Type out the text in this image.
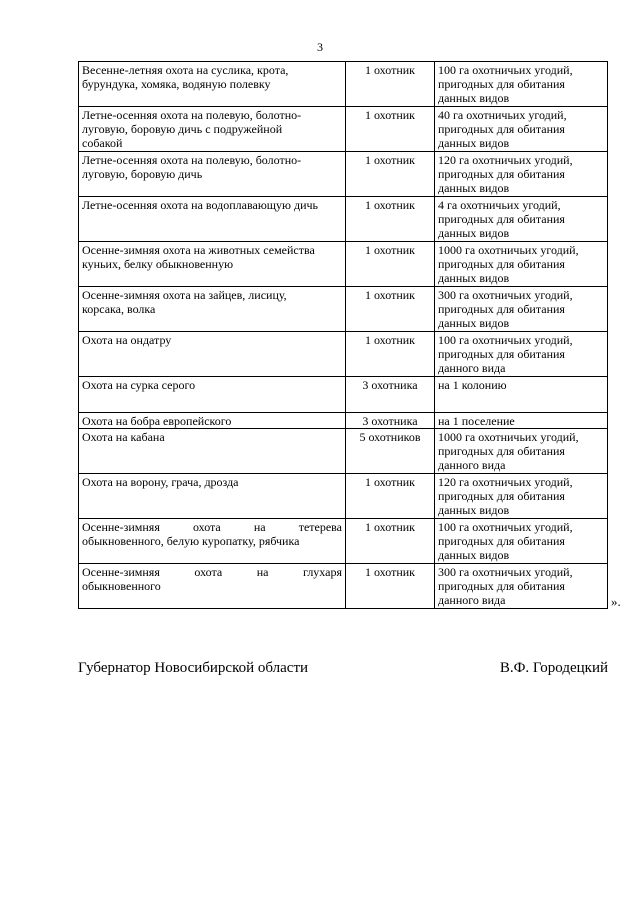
3
Весенне-летняя охота на суслика, крота,
бурундука, хомяка, водяную полевку	1 охотник	100 га охотничьих угодий,
пригодных для обитания
данных видов

Летне-осенняя охота на полевую, болотно-
луговую, боровую дичь с подружейной
собакой	1 охотник	40 га охотничьих угодий,
пригодных для обитания
данных видов

Летне-осенняя охота на полевую, болотно-
луговую, боровую дичь	1 охотник	120 га охотничьих угодий,
пригодных для обитания
данных видов

Летне-осенняя охота на водоплавающую дичь	1 охотник	4 га охотничьих угодий,
пригодных для обитания
данных видов

Осенне-зимняя охота на животных семейства
куньих, белку обыкновенную	1 охотник	1000 га охотничьих угодий,
пригодных для обитания
данных видов

Осенне-зимняя охота на зайцев, лисицу,
корсака, волка	1 охотник	300 га охотничьих угодий,
пригодных для обитания
данных видов

Охота на ондатру	1 охотник	100 га охотничьих угодий,
пригодных для обитания
данного вида

Охота на сурка серого	3 охотника	на 1 колонию

Охота на бобра европейского	3 охотника	на 1 поселение

Охота на кабана	5 охотников	1000 га охотничьих угодий,
пригодных для обитания
данного вида

Охота на ворону, грача, дрозда	1 охотник	120 га охотничьих угодий,
пригодных для обитания
данных видов

Осенне-зимняя охота на тетерева
обыкновенного, белую куропатку, рябчика	1 охотник	100 га охотничьих угодий,
пригодных для обитания
данных видов

Осенне-зимняя охота на глухаря
обыкновенного	1 охотник	300 га охотничьих угодий,
пригодных для обитания
данного вида	».
Губернатор Новосибирской области	В.Ф. Городецкий
